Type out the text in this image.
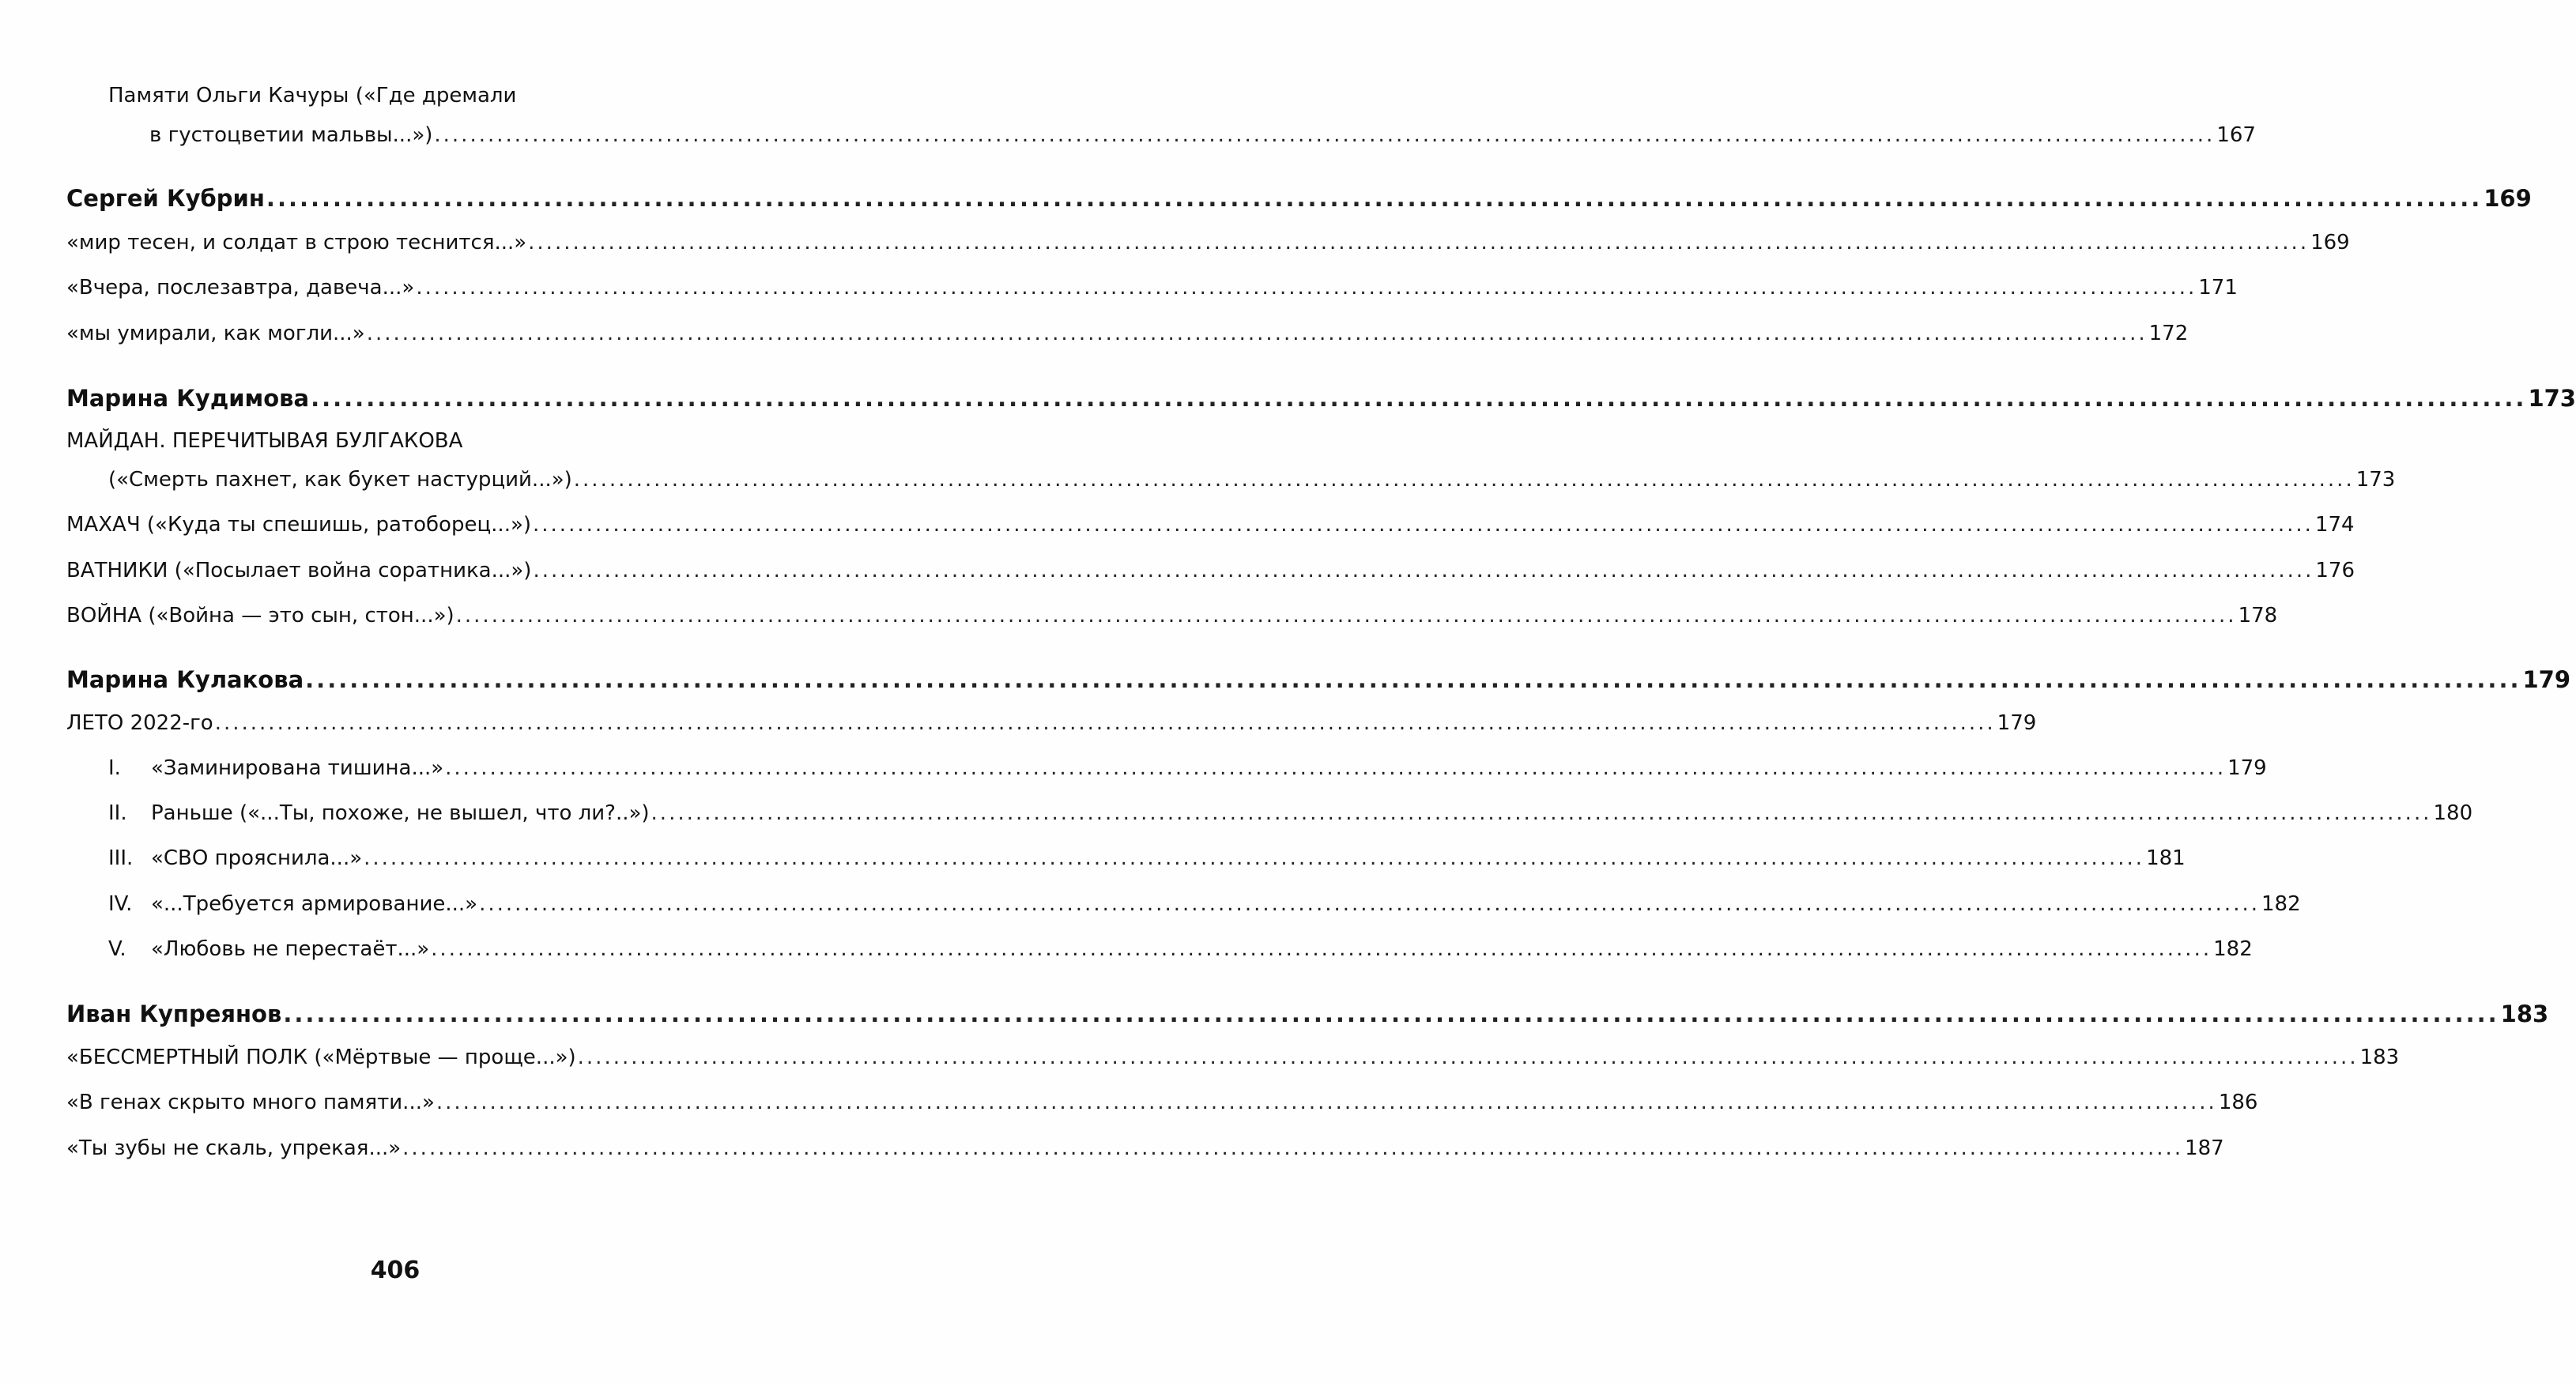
Памяти Ольги Качуры («Где дремали
в густоцветии мальвы...») ........................................................................................................................................................................................................ 167
Сергей Кубрин ........................................................................................................................................................................................................ 169
«мир тесен, и солдат в строю теснится...» ........................................................................................................................................................................................................ 169
«Вчера, послезавтра, давеча...» ........................................................................................................................................................................................................ 171
«мы умирали, как могли...» ........................................................................................................................................................................................................ 172
Марина Кудимова ........................................................................................................................................................................................................ 173
МАЙДАН. ПЕРЕЧИТЫВАЯ БУЛГАКОВА
(«Смерть пахнет, как букет настурций...») ........................................................................................................................................................................................................ 173
МАХАЧ («Куда ты спешишь, ратоборец...») ........................................................................................................................................................................................................ 174
ВАТНИКИ («Посылает война соратника...») ........................................................................................................................................................................................................ 176
ВОЙНА («Война — это сын, стон...») ........................................................................................................................................................................................................ 178
Марина Кулакова ........................................................................................................................................................................................................ 179
ЛЕТО 2022-го ........................................................................................................................................................................................................ 179
I. «Заминирована тишина...» ........................................................................................................................................................................................................ 179
II. Раньше («...Ты, похоже, не вышел, что ли?..») ........................................................................................................................................................................................................ 180
III. «СВО прояснила...» ........................................................................................................................................................................................................ 181
IV. «...Требуется армирование...» ........................................................................................................................................................................................................ 182
V. «Любовь не перестаёт...» ........................................................................................................................................................................................................ 182
Иван Купреянов ........................................................................................................................................................................................................ 183
«БЕССМЕРТНЫЙ ПОЛК («Мёртвые — проще...») ........................................................................................................................................................................................................ 183
«В генах скрыто много памяти...» ........................................................................................................................................................................................................ 186
«Ты зубы не скаль, упрекая...» ........................................................................................................................................................................................................ 187
406
